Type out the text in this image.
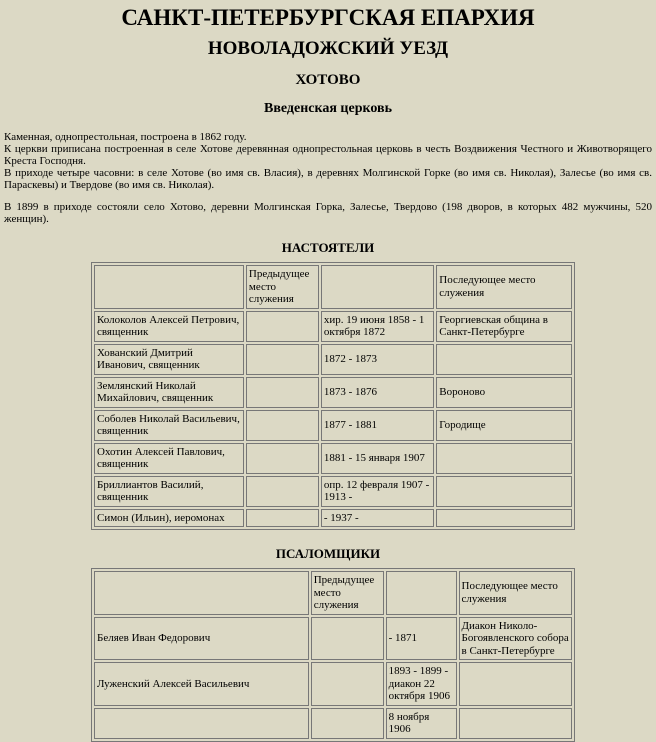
САНКТ-ПЕТЕРБУРГСКАЯ ЕПАРХИЯ
НОВОЛАДОЖСКИЙ УЕЗД
ХОТОВО
Введенская церковь
Каменная, однопрестольная, построена в 1862 году.
К церкви приписана построенная в селе Хотове деревянная однопрестольная церковь в честь Воздвижения Честного и Животворящего Креста Господня.
В приходе четыре часовни: в селе Хотове (во имя св. Власия), в деревнях Молгинской Горке (во имя св. Николая), Залесье (во имя св. Параскевы) и Твердове (во имя св. Николая).
В 1899 в приходе состояли село Хотово, деревни Молгинская Горка, Залесье, Твердово (198 дворов, в которых 482 мужчины, 520 женщин).
НАСТОЯТЕЛИ
	Предыдущее место служения		Последующее место служения
Колоколов Алексей Петрович, священник		хир. 19 июня 1858 - 1 октября 1872	Георгиевская община в Санкт-Петербурге
Хованский Дмитрий Иванович, священник		1872 - 1873	
Землянский Николай Михайлович, священник		1873 - 1876	Вороново
Соболев Николай Васильевич, священник		1877 - 1881	Городище
Охотин Алексей Павлович, священник		1881 - 15 января 1907	
Бриллиантов Василий, священник		опр. 12 февраля 1907 - 1913 -	
Симон (Ильин), иеромонах		- 1937 -	
ПСАЛОМЩИКИ
	Предыдущее место служения		Последующее место служения
Беляев Иван Федорович		- 1871	Диакон Николо-Богоявленского собора в Санкт-Петербурге
Луженский Алексей Васильевич		1893 - 1899 - диакон 22 октября 1906	
		8 ноября 1906	
